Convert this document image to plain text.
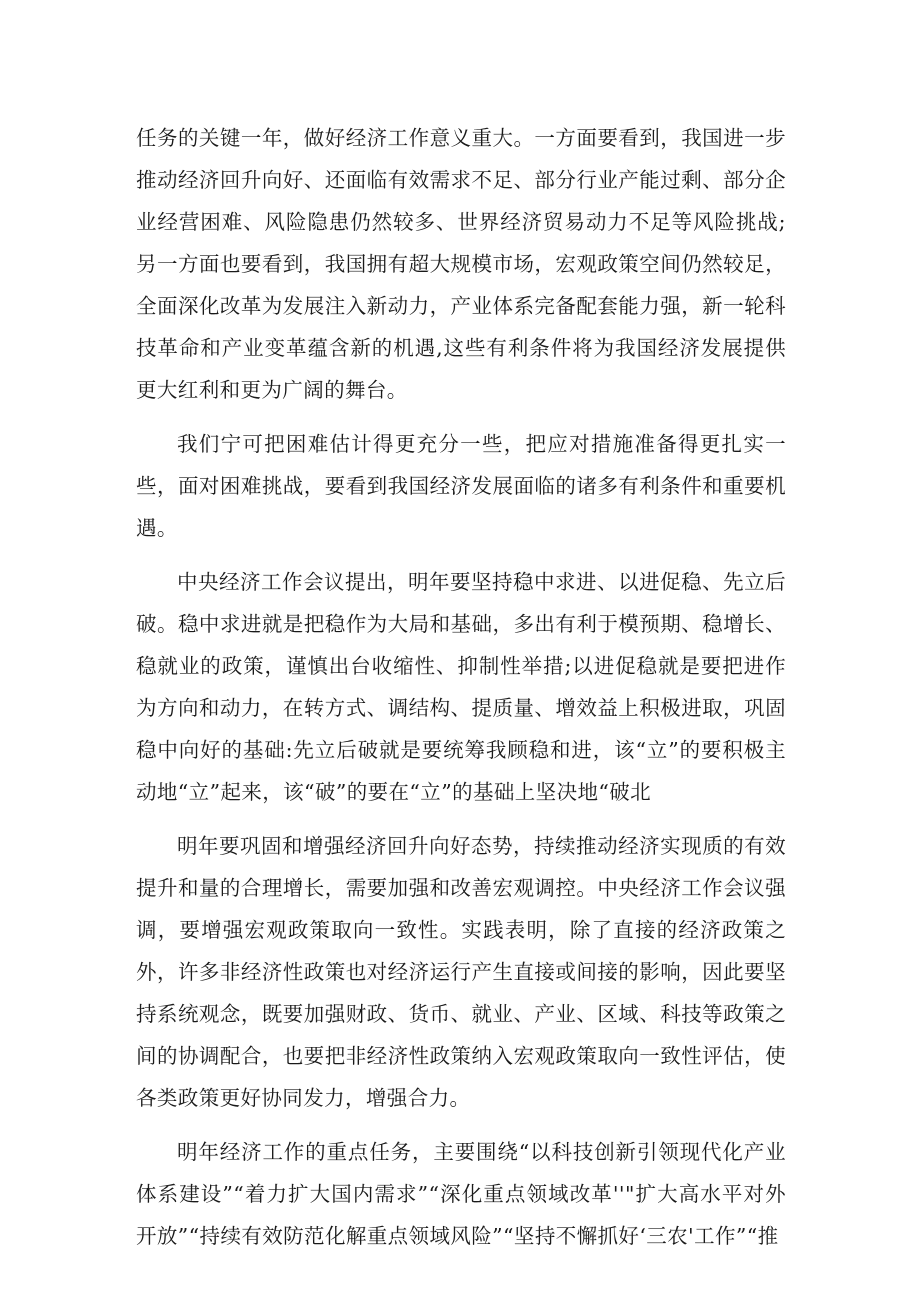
任务的关键一年，做好经济工作意义重大。一方面要看到，我国进一步推动经济回升向好、还面临有效需求不足、部分行业产能过剩、部分企业经营困难、风险隐患仍然较多、世界经济贸易动力不足等风险挑战;另一方面也要看到，我国拥有超大规模市场，宏观政策空间仍然较足，全面深化改革为发展注入新动力，产业体系完备配套能力强，新一轮科技革命和产业变革蕴含新的机遇,这些有利条件将为我国经济发展提供更大红利和更为广阔的舞台。

我们宁可把困难估计得更充分一些，把应对措施准备得更扎实一些，面对困难挑战，要看到我国经济发展面临的诸多有利条件和重要机遇。

中央经济工作会议提出，明年要坚持稳中求进、以进促稳、先立后破。稳中求进就是把稳作为大局和基础，多出有利于模预期、稳增长、稳就业的政策，谨慎出台收缩性、抑制性举措;以进促稳就是要把进作为方向和动力，在转方式、调结构、提质量、增效益上积极进取，巩固稳中向好的基础:先立后破就是要统筹我顾稳和进，该“立”的要积极主动地“立”起来，该“破”的要在“立”的基础上坚决地“破北

明年要巩固和增强经济回升向好态势，持续推动经济实现质的有效提升和量的合理增长，需要加强和改善宏观调控。中央经济工作会议强调，要增强宏观政策取向一致性。实践表明，除了直接的经济政策之外，许多非经济性政策也对经济运行产生直接或间接的影响，因此要坚持系统观念，既要加强财政、货币、就业、产业、区域、科技等政策之间的协调配合，也要把非经济性政策纳入宏观政策取向一致性评估，使各类政策更好协同发力，增强合力。

明年经济工作的重点任务，主要围绕“以科技创新引领现代化产业体系建设”“着力扩大国内需求”“深化重点领域改革''"扩大高水平对外开放”“持续有效防范化解重点领域风险”“坚持不懈抓好‘三农'工作”“推
